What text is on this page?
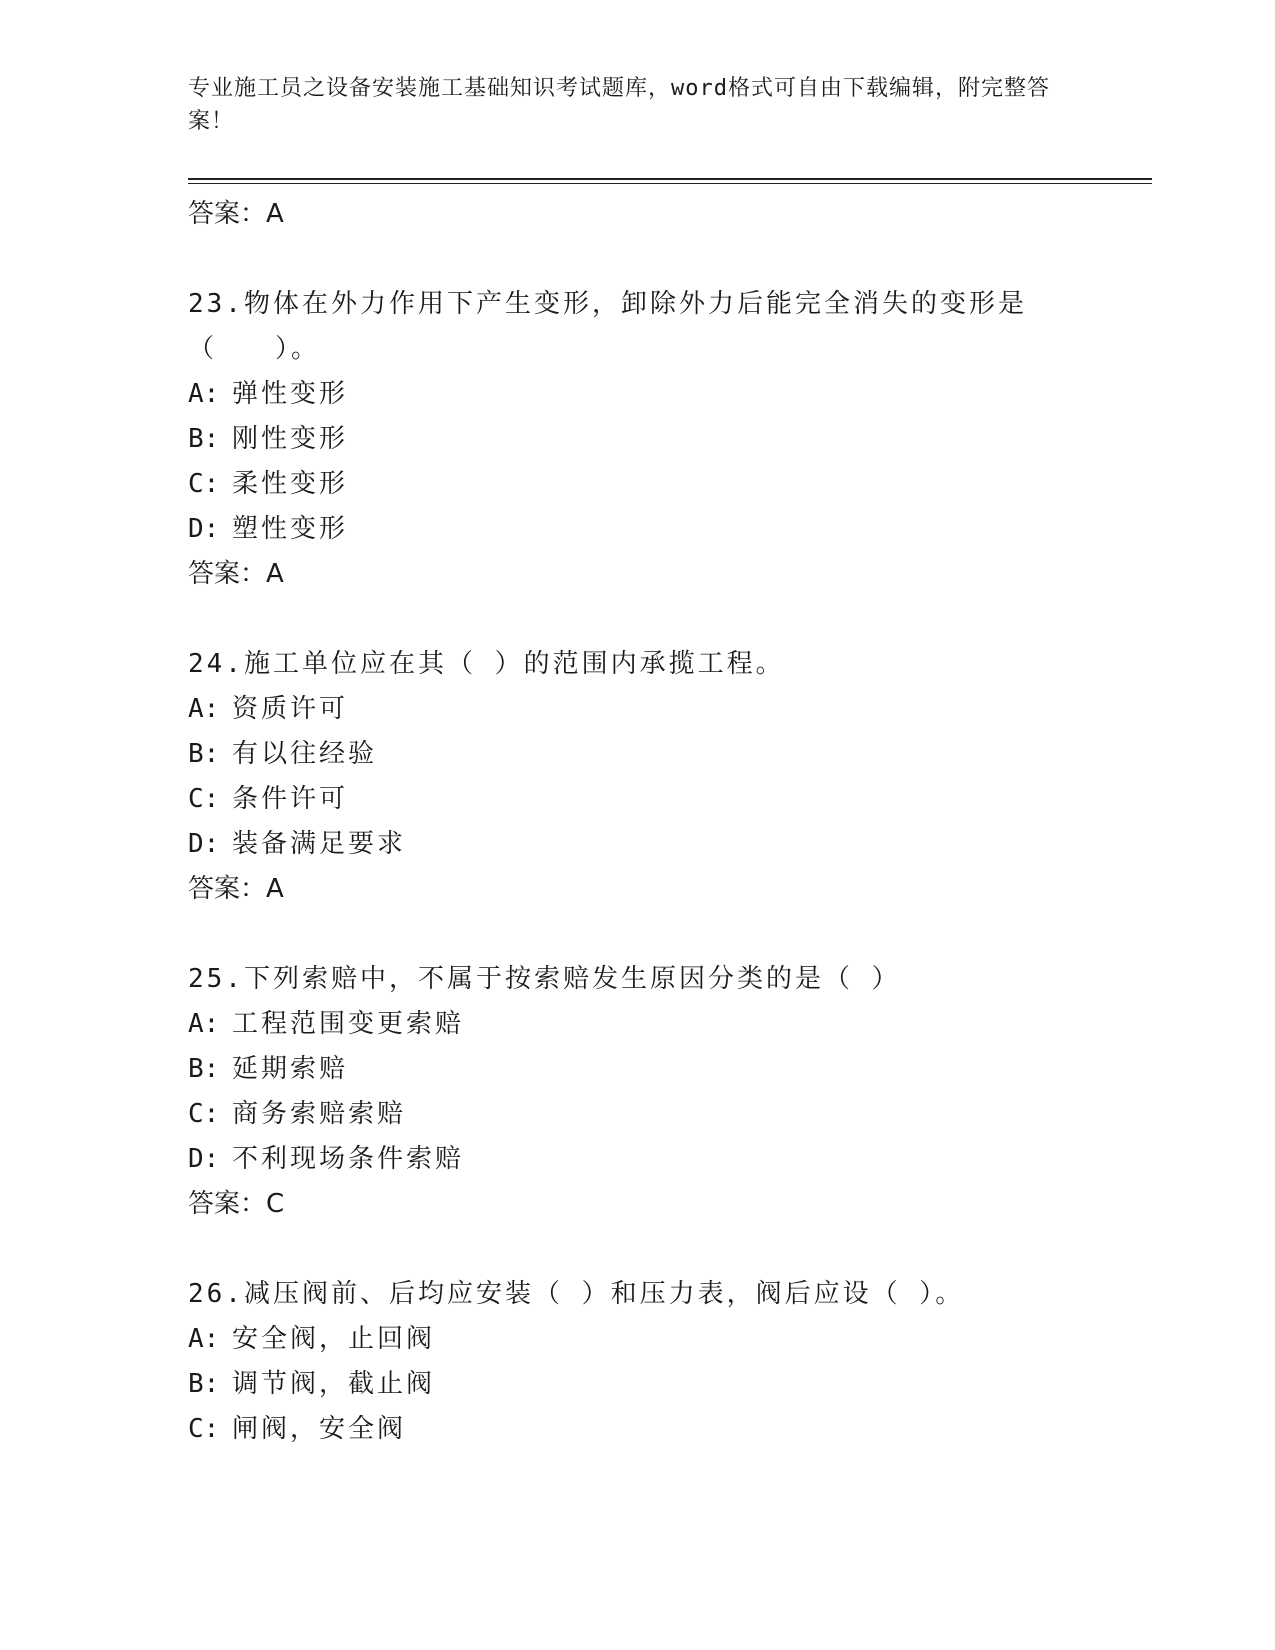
专业施工员之设备安装施工基础知识考试题库，word格式可自由下载编辑，附完整答案！
答案：A
23.物体在外力作用下产生变形，卸除外力后能完全消失的变形是（　　）。
A: 弹性变形
B: 刚性变形
C: 柔性变形
D: 塑性变形
答案：A
24.施工单位应在其（ ）的范围内承揽工程。
A: 资质许可
B: 有以往经验
C: 条件许可
D: 装备满足要求
答案：A
25.下列索赔中，不属于按索赔发生原因分类的是（ ）
A: 工程范围变更索赔
B: 延期索赔
C: 商务索赔索赔
D: 不利现场条件索赔
答案：C
26.减压阀前、后均应安装（ ）和压力表，阀后应设（ ）。
A: 安全阀，止回阀
B: 调节阀，截止阀
C: 闸阀，安全阀
